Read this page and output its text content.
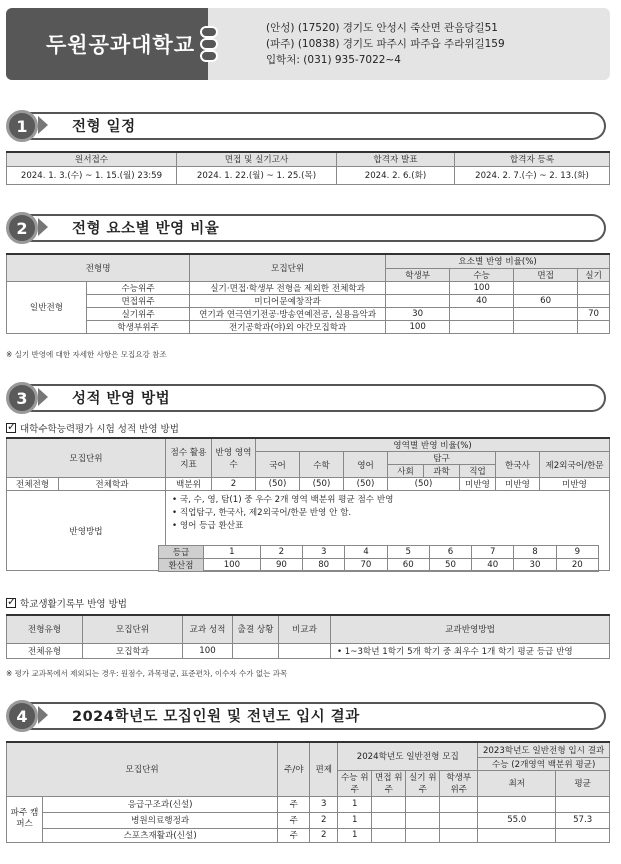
두원공과대학교
(안성) (17520) 경기도 안성시 죽산면 관음당길51
(파주) (10838) 경기도 파주시 파주읍 주라위길159
입학처: (031) 935-7022~4
1	전형 일정
원서접수	면접 및 실기고사	합격자 발표	합격자 등록
2024. 1. 3.(수) ~ 1. 15.(월) 23:59	2024. 1. 22.(월) ~ 1. 25.(목)	2024. 2. 6.(화)	2024. 2. 7.(수) ~ 2. 13.(화)
2	전형 요소별 반영 비율
전형명		모집단위	요소별 반영 비율(%)			
			학생부	수능	면접	실기
일반전형	수능위주	실기·면접·학생부 전형을 제외한 전체학과		100		
	면접위주	미디어문예창작과		40	60	
	실기위주	연기과 연극연기전공·방송연예전공, 실용음악과	30			70
	학생부위주	전기공학과(야)외 야간모집학과	100			
※ 실기 반영에 대한 자세한 사항은 모집요강 참조
3	성적 반영 방법
✓
대학수학능력평가 시험 성적 반영 방법
모집단위		점수 활용 지표	반영 영역수	영역별 반영 비율(%)							
				국어	수학	영어	탐구			한국사	제2외국어/한문
							사회	과학	직업		
전체전형	전체학과	백분위	2	(50)	(50)	(50)	(50)		미반영	미반영	미반영
반영방법		• 국, 수, 영, 탐(1) 중 우수 2개 영역 백분위 평균 점수 반영
• 직업탐구, 한국사, 제2외국어/한문 반영 안 함.
• 영어 등급 환산표									
등급	1	2	3	4	5	6	7	8	9
환산점	100	90	80	70	60	50	40	30	20
✓
학교생활기록부 반영 방법
전형유형	모집단위	교과 성적	출결 상황	비교과	교과반영방법
전체유형	모집학과	100			• 1~3학년 1학기 5개 학기 중 최우수 1개 학기 평균 등급 반영
※ 평가 교과목에서 제외되는 경우: 원점수, 과목평균, 표준편차, 이수자 수가 없는 과목
4	2024학년도 모집인원 및 전년도 입시 결과
모집단위		주/야	편제	2024학년도 일반전형 모집				2023학년도 일반전형 입시 결과	
								수능 (2개영역 백분위 평균)	
				수능 위주	면접 위주	실기 위주	학생부 위주	최저	평균
파주 캠퍼스	응급구조과(신설)	주	3	1					
	병원의료행정과	주	2	1				55.0	57.3
	스포츠재활과(신설)	주	2	1					
